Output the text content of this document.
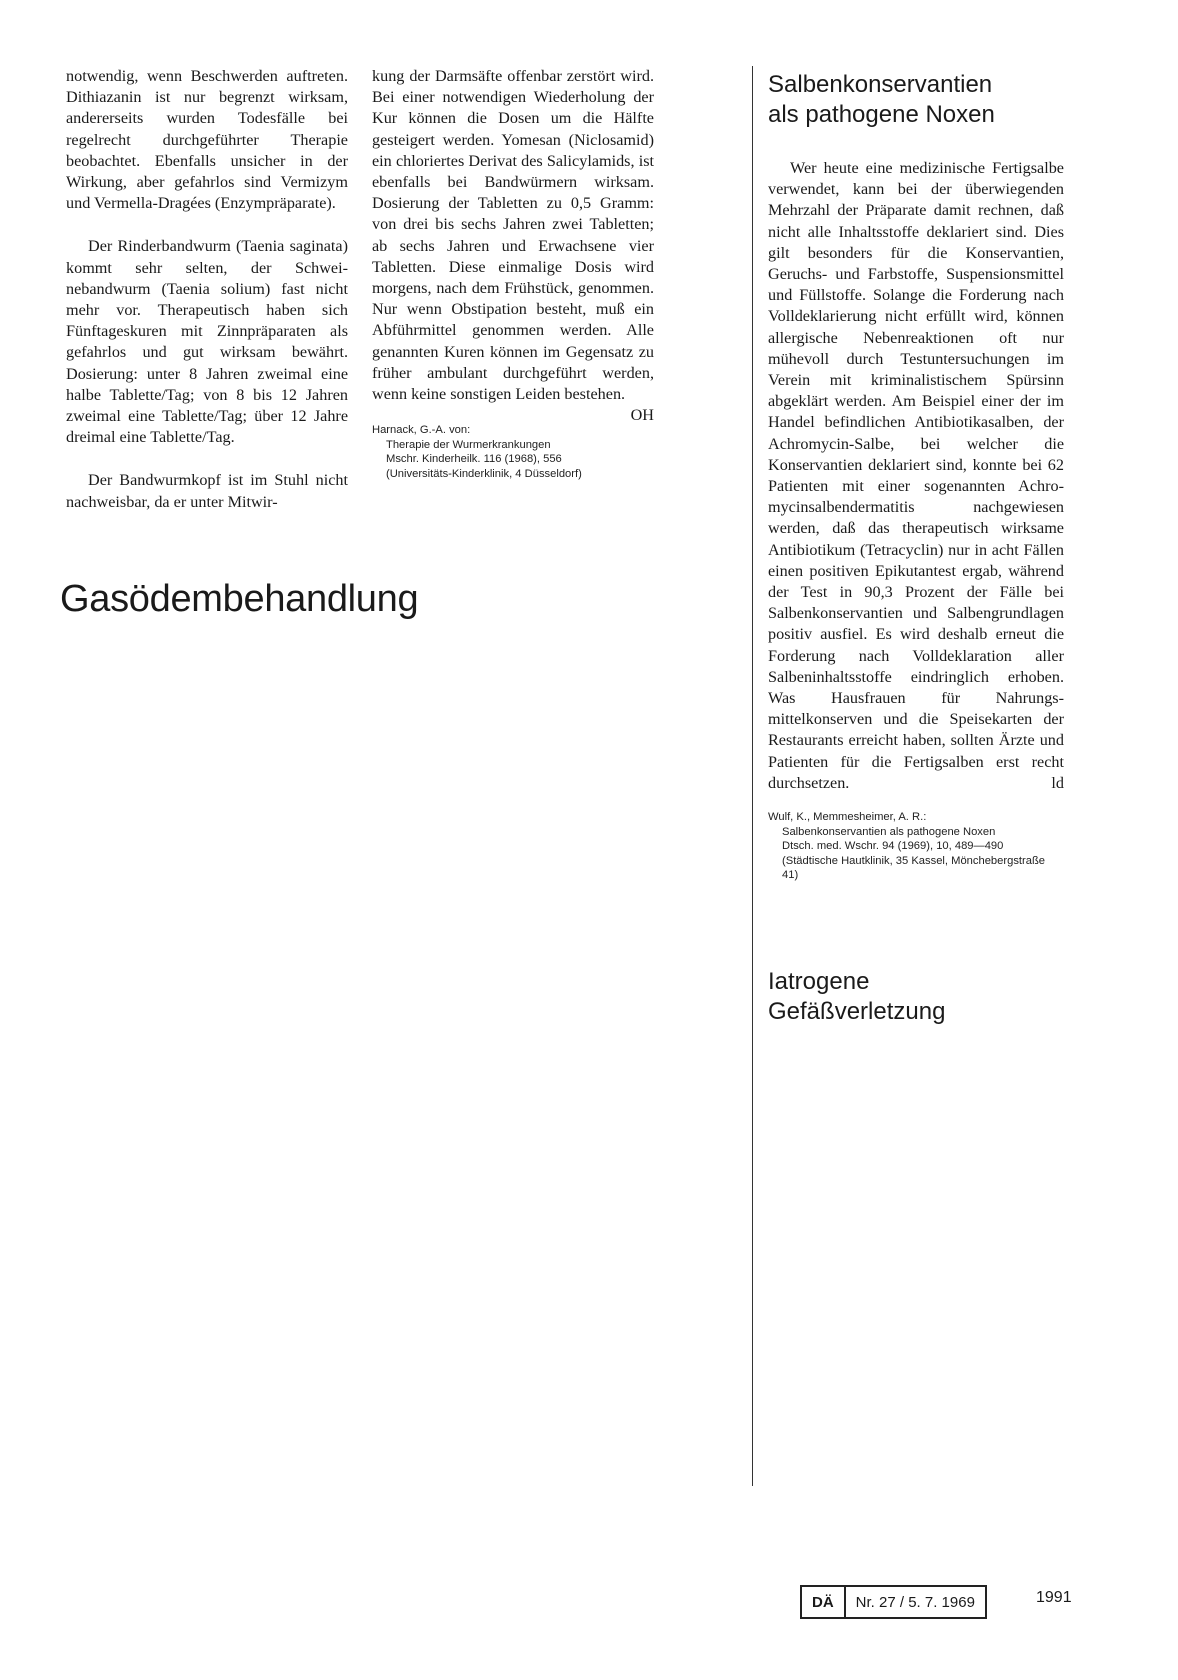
notwendig, wenn Beschwerden auftreten. Dithiazanin ist nur begrenzt wirksam, andererseits wurden Todesfälle bei regelrecht durchgeführter Therapie beobachtet. Ebenfalls unsicher in der Wirkung, aber gefahrlos sind Vermizym und Vermella-Dragées (Enzympräparate).

Der Rinderbandwurm (Taenia saginata) kommt sehr selten, der Schweinebandwurm (Taenia solium) fast nicht mehr vor. Therapeutisch haben sich Fünftageskuren mit Zinnpräparaten als gefahrlos und gut wirksam bewährt. Dosierung: unter 8 Jahren zweimal eine halbe Tablette/Tag; von 8 bis 12 Jahren zweimal eine Tablette/Tag; über 12 Jahre dreimal eine Tablette/Tag.

Der Bandwurmkopf ist im Stuhl nicht nachweisbar, da er unter Mitwir-

kung der Darmsäfte offenbar zerstört wird. Bei einer notwendigen Wiederholung der Kur können die Dosen um die Hälfte gesteigert werden. Yomesan (Niclosamid) ein chloriertes Derivat des Salicylamids, ist ebenfalls bei Bandwürmern wirksam. Dosierung der Tabletten zu 0,5 Gramm: von drei bis sechs Jahren zwei Tabletten; ab sechs Jahren und Erwachsene vier Tabletten. Diese einmalige Dosis wird morgens, nach dem Frühstück, genommen. Nur wenn Obstipation besteht, muß ein Abführmittel genommen werden. Alle genannten Kuren können im Gegensatz zu früher ambulant durchgeführt werden, wenn keine sonstigen Leiden bestehen.
OH

Harnack, G.-A. von:
Therapie der Wurmerkrankungen
Mschr. Kinderheilk. 116 (1968), 556
(Universitäts-Kinderklinik, 4 Düsseldorf)
Gasödembehandlung
Salbenkonservantien
als pathogene Noxen

Wer heute eine medizinische Fertigsalbe verwendet, kann bei der überwiegenden Mehrzahl der Präparate damit rechnen, daß nicht alle Inhaltsstoffe deklariert sind. Dies gilt besonders für die Konservantien, Geruchs- und Farbstoffe, Suspensionsmittel und Füllstoffe. Solange die Forderung nach Volldeklarierung nicht erfüllt wird, können allergische Nebenreaktionen oft nur mühevoll durch Testuntersuchungen im Verein mit kriminalistischem Spürsinn abgeklärt werden. Am Beispiel einer der im Handel befindlichen Antibiotikasalben, der Achromycin-Salbe, bei welcher die Konservantien deklariert sind, konnte bei 62 Patienten mit einer sogenannten Achromycinsalbendermatitis nachgewiesen werden, daß das therapeutisch wirksame Antibiotikum (Tetracyclin) nur in acht Fällen einen positiven Epikutantest ergab, während der Test in 90,3 Prozent der Fälle bei Salbenkonservantien und Salbengrundlagen positiv ausfiel. Es wird deshalb erneut die Forderung nach Volldeklaration aller Salbeninhaltsstoffe eindringlich erhoben. Was Hausfrauen für Nahrungsmittelkonserven und die Speisekarten der Restaurants erreicht haben, sollten Ärzte und Patienten für die Fertigsalben erst recht durchsetzen.	ld

Wulf, K., Memmesheimer, A. R.:
Salbenkonservantien als pathogene Noxen
Dtsch. med. Wschr. 94 (1969), 10, 489—490
(Städtische Hautklinik, 35 Kassel, Mönchebergstraße 41)
Iatrogene
Gefäßverletzung
DÄ	Nr. 27 / 5. 7. 1969	1991
